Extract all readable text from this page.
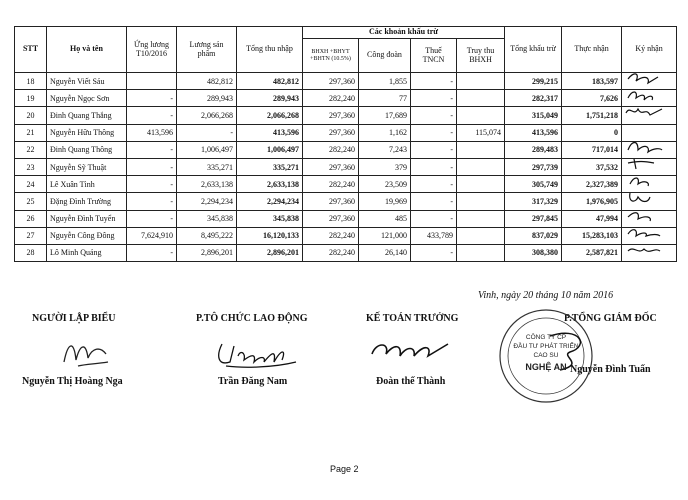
STT	Họ và tên	Ứng lương T10/2016	Lương sản phẩm	Tổng thu nhập	Các khoản khấu trừ				Tổng khấu trừ	Thực nhận	Ký nhận
					BHXH +BHYT +BHTN (10.5%)	Công đoàn	Thuế TNCN	Truy thu BHXH			
18	Nguyễn Viết Sáu		482,812	482,812	297,360	1,855	-		299,215	183,597	

19	Nguyễn Ngọc Sơn	-	289,943	289,943	282,240	77	-		282,317	7,626	

20	Đinh Quang Thắng	-	2,066,268	2,066,268	297,360	17,689	-		315,049	1,751,218	

21	Nguyễn Hữu Thông	413,596	-	413,596	297,360	1,162	-	115,074	413,596	0	
22	Đinh Quang Thông	-	1,006,497	1,006,497	282,240	7,243	-		289,483	717,014	

23	Nguyễn Sỹ Thuật	-	335,271	335,271	297,360	379	-		297,739	37,532	

24	Lê Xuân Tình	-	2,633,138	2,633,138	282,240	23,509	-		305,749	2,327,389	

25	Đặng Đình Trường	-	2,294,234	2,294,234	297,360	19,969	-		317,329	1,976,905	

26	Nguyễn Đình Tuyển	-	345,838	345,838	297,360	485	-		297,845	47,994	

27	Nguyễn Công Đông	7,624,910	8,495,222	16,120,133	282,240	121,000	433,789		837,029	15,283,103	

28	Lô Minh Quảng	-	2,896,201	2,896,201	282,240	26,140	-		308,380	2,587,821	
Vinh, ngày 20 tháng 10 năm 2016
NGƯỜI LẬP BIỂU	P.TÔ CHỨC LAO ĐỘNG	KẾ TOÁN TRƯỞNG	P.TỔNG GIÁM ĐỐC
CÔNG TY CP
ĐẦU TƯ PHÁT TRIỂN
CAO SU
NGHỆ AN
Nguyễn Thị Hoàng Nga	Trần Đăng Nam	Đoàn thế Thành
Nguyễn Đình Tuấn
Page 2
